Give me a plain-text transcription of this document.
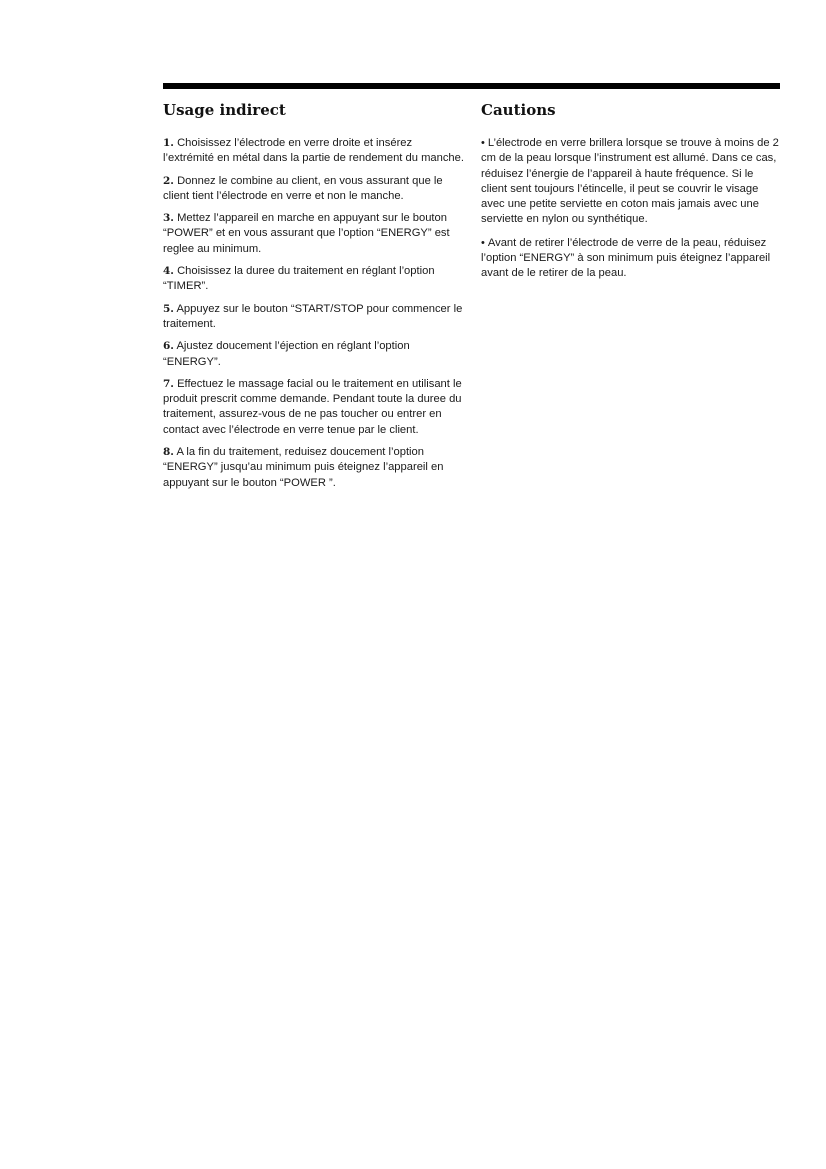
Usage indirect

1. Choisissez l’électrode en verre droite et insérez l’extrémité en métal dans la partie de rendement du manche.

2. Donnez le combine au client, en vous assurant que le client tient l’électrode en verre et non le manche.

3. Mettez l’appareil en marche en appuyant sur le bouton “POWER” et en vous assurant que l’option “ENERGY” est reglee au minimum.

4. Choisissez la duree du traitement en réglant l’option “TIMER”.

5. Appuyez sur le bouton “START/STOP pour commencer le traitement.

6. Ajustez doucement l’éjection en réglant l’option “ENERGY”.

7. Effectuez le massage facial ou le traitement en utilisant le produit prescrit comme demande. Pendant toute la duree du traitement, assurez-vous de ne pas toucher ou entrer en contact avec l’électrode en verre tenue par le client.

8. A la fin du traitement, reduisez doucement l’option “ENERGY” jusqu’au minimum puis éteignez l’appareil en appuyant sur le bouton “POWER ”.

Cautions

• L’électrode en verre brillera lorsque se trouve à moins de 2 cm de la peau lorsque l’instrument est allumé. Dans ce cas, réduisez l’énergie de l’appareil à haute fréquence. Si le client sent toujours l’étincelle, il peut se couvrir le visage avec une petite serviette en coton mais jamais avec une serviette en nylon ou synthétique.

• Avant de retirer l’électrode de verre de la peau, réduisez l’option “ENERGY” à son minimum puis éteignez l’appareil avant de le retirer de la peau.
